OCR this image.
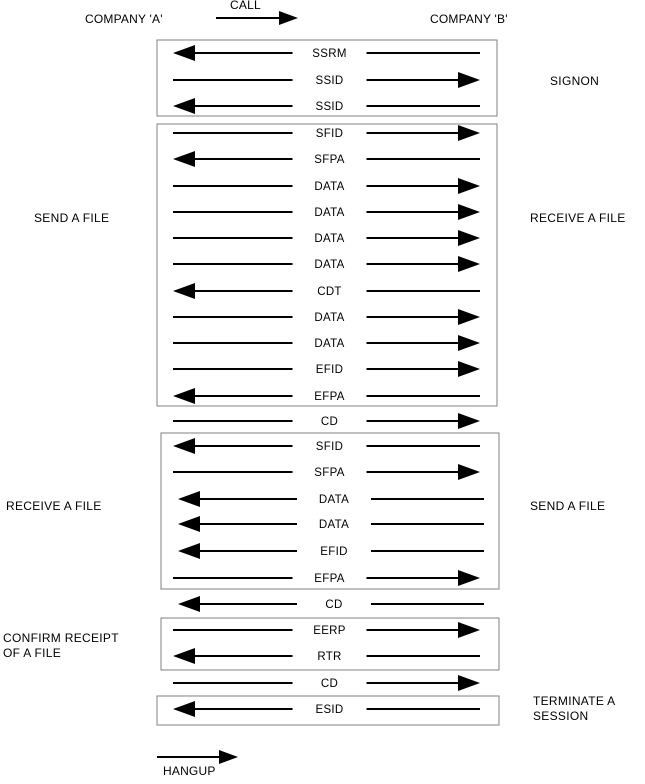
COMPANY 'A'	COMPANY 'B'
CALL
SIGNON
SEND A FILE	RECEIVE A FILE
RECEIVE A FILE	SEND A FILE
CONFIRM RECEIPT
OF A FILE
TERMINATE A
SESSION
SSRM
SSID
SSID
SFID
SFPA
DATA
DATA
DATA
DATA
CDT
DATA
DATA
EFID
EFPA
CD
SFID
SFPA
DATA
DATA
EFID
EFPA
CD
EERP
RTR
CD
ESID
HANGUP
